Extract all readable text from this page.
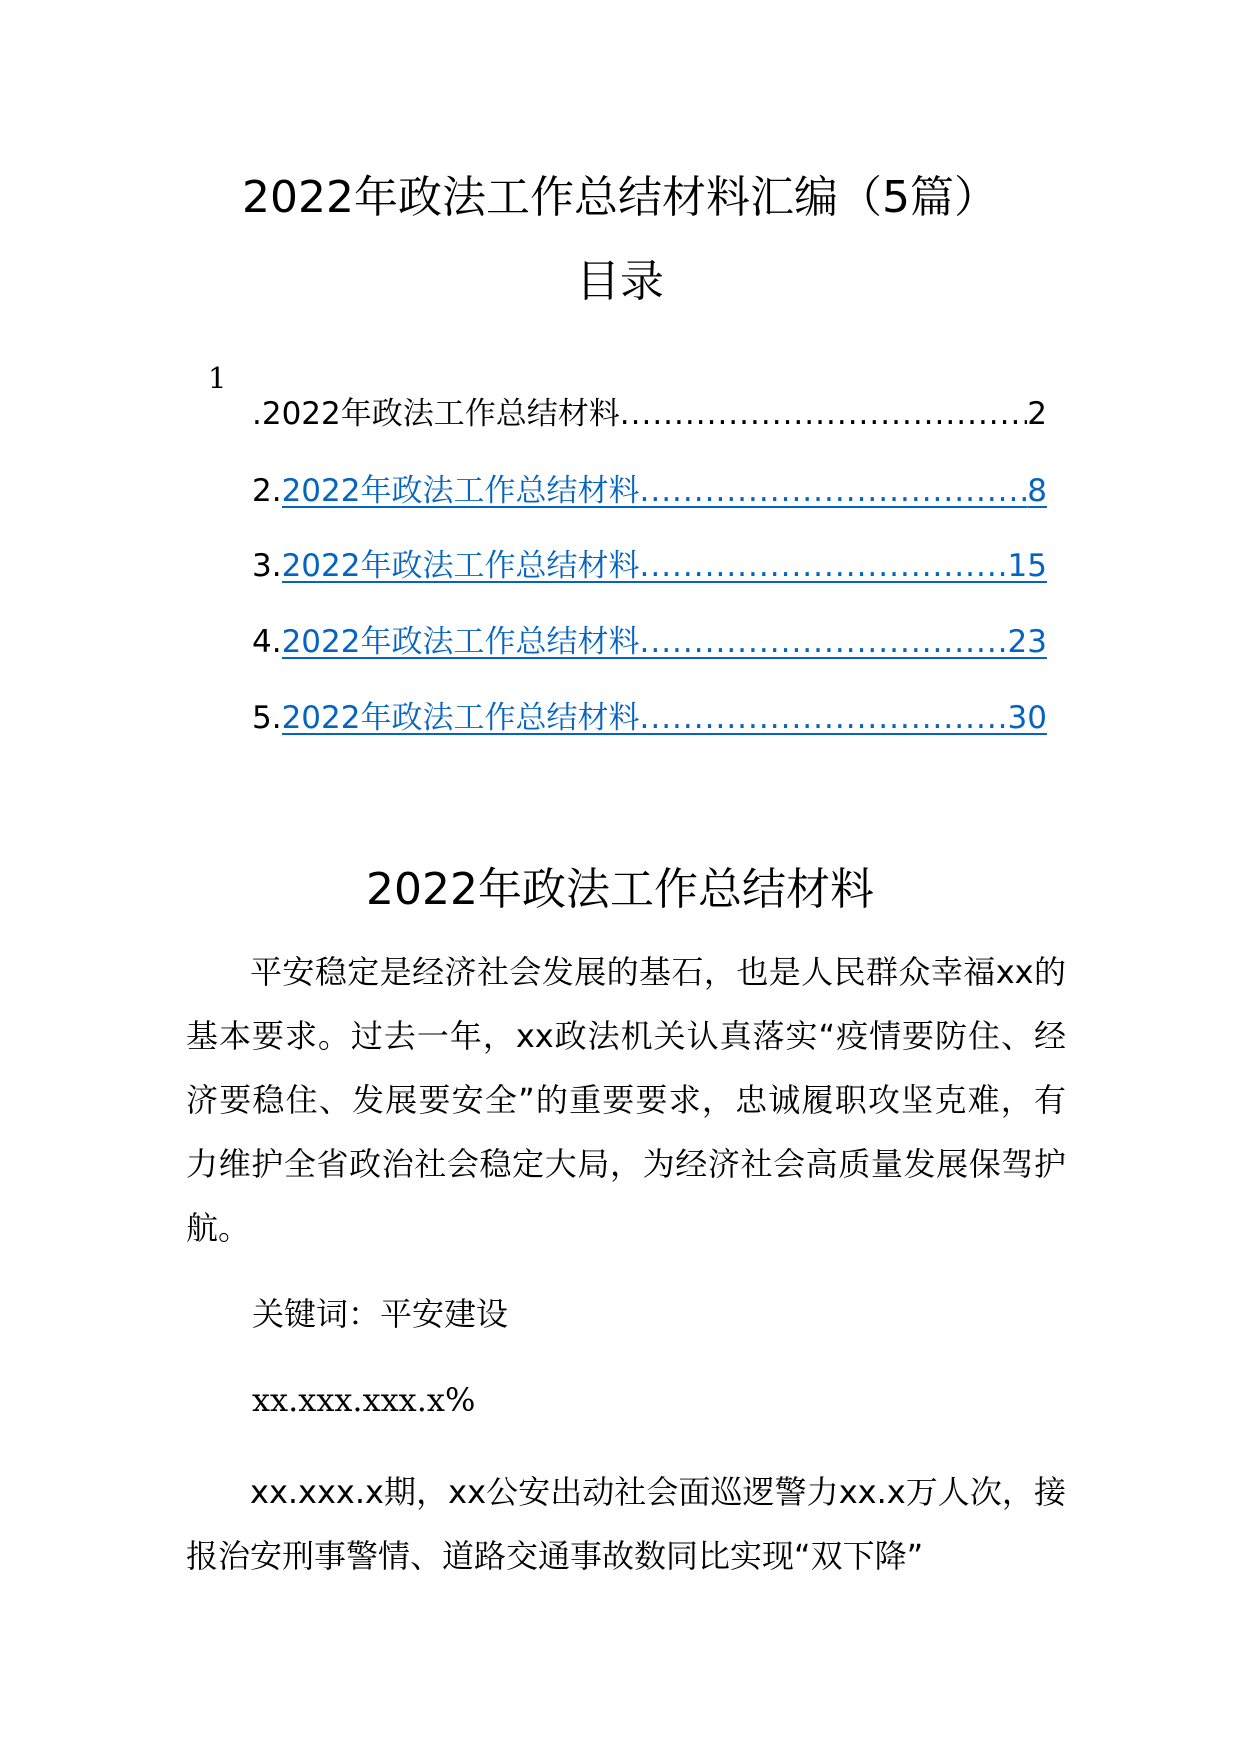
2022年政法工作总结材料汇编（5篇）
目录
1
. 2022年政法工作总结材料 .....	2
2. 2022年政法工作总结材料 .....	8
3. 2022年政法工作总结材料 .....	15
4. 2022年政法工作总结材料 .....	23
5. 2022年政法工作总结材料 .....	30
2022年政法工作总结材料
平安稳定是经济社会发展的基石，也是人民群众幸福xx的基本要求。过去一年，xx政法机关认真落实“疫情要防住、经济要稳住、发展要安全”的重要要求，忠诚履职攻坚克难，有力维护全省政治社会稳定大局，为经济社会高质量发展保驾护航。
关键词：平安建设
xx.xxx.xxx.x%
xx.xxx.x期，xx公安出动社会面巡逻警力xx.x万人次，接报治安刑事警情、道路交通事故数同比实现“双下降”
